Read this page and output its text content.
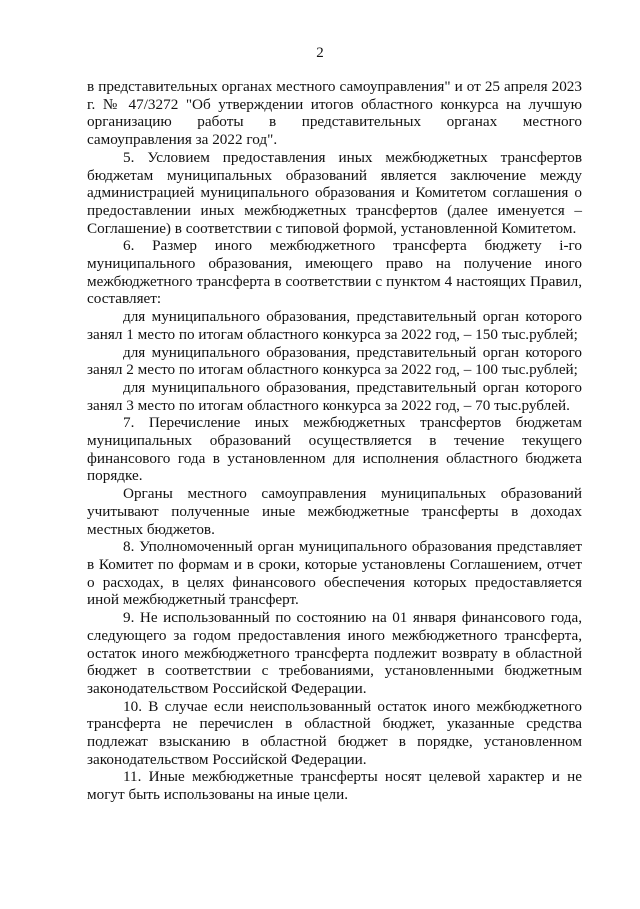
2

в представительных органах местного самоуправления" и от 25 апреля 2023 г. № 47/3272 "Об утверждении итогов областного конкурса на лучшую организацию работы в представительных органах местного самоуправления за 2022 год".

5. Условием предоставления иных межбюджетных трансфертов бюджетам муниципальных образований является заключение между администрацией муниципального образования и Комитетом соглашения о предоставлении иных межбюджетных трансфертов (далее именуется – Соглашение) в соответствии с типовой формой, установленной Комитетом.

6. Размер иного межбюджетного трансферта бюджету i-го муниципального образования, имеющего право на получение иного межбюджетного трансферта в соответствии с пунктом 4 настоящих Правил, составляет:

для муниципального образования, представительный орган которого занял 1 место по итогам областного конкурса за 2022 год, – 150 тыс.рублей;

для муниципального образования, представительный орган которого занял 2 место по итогам областного конкурса за 2022 год, – 100 тыс.рублей;

для муниципального образования, представительный орган которого занял 3 место по итогам областного конкурса за 2022 год, – 70 тыс.рублей.

7. Перечисление иных межбюджетных трансфертов бюджетам муниципальных образований осуществляется в течение текущего финансового года в установленном для исполнения областного бюджета порядке.

Органы местного самоуправления муниципальных образований учитывают полученные иные межбюджетные трансферты в доходах местных бюджетов.

8. Уполномоченный орган муниципального образования представляет в Комитет по формам и в сроки, которые установлены Соглашением, отчет о расходах, в целях финансового обеспечения которых предоставляется иной межбюджетный трансферт.

9. Не использованный по состоянию на 01 января финансового года, следующего за годом предоставления иного межбюджетного трансферта, остаток иного межбюджетного трансферта подлежит возврату в областной бюджет в соответствии с требованиями, установленными бюджетным законодательством Российской Федерации.

10. В случае если неиспользованный остаток иного межбюджетного трансферта не перечислен в областной бюджет, указанные средства подлежат взысканию в областной бюджет в порядке, установленном законодательством Российской Федерации.

11. Иные межбюджетные трансферты носят целевой характер и не могут быть использованы на иные цели.
